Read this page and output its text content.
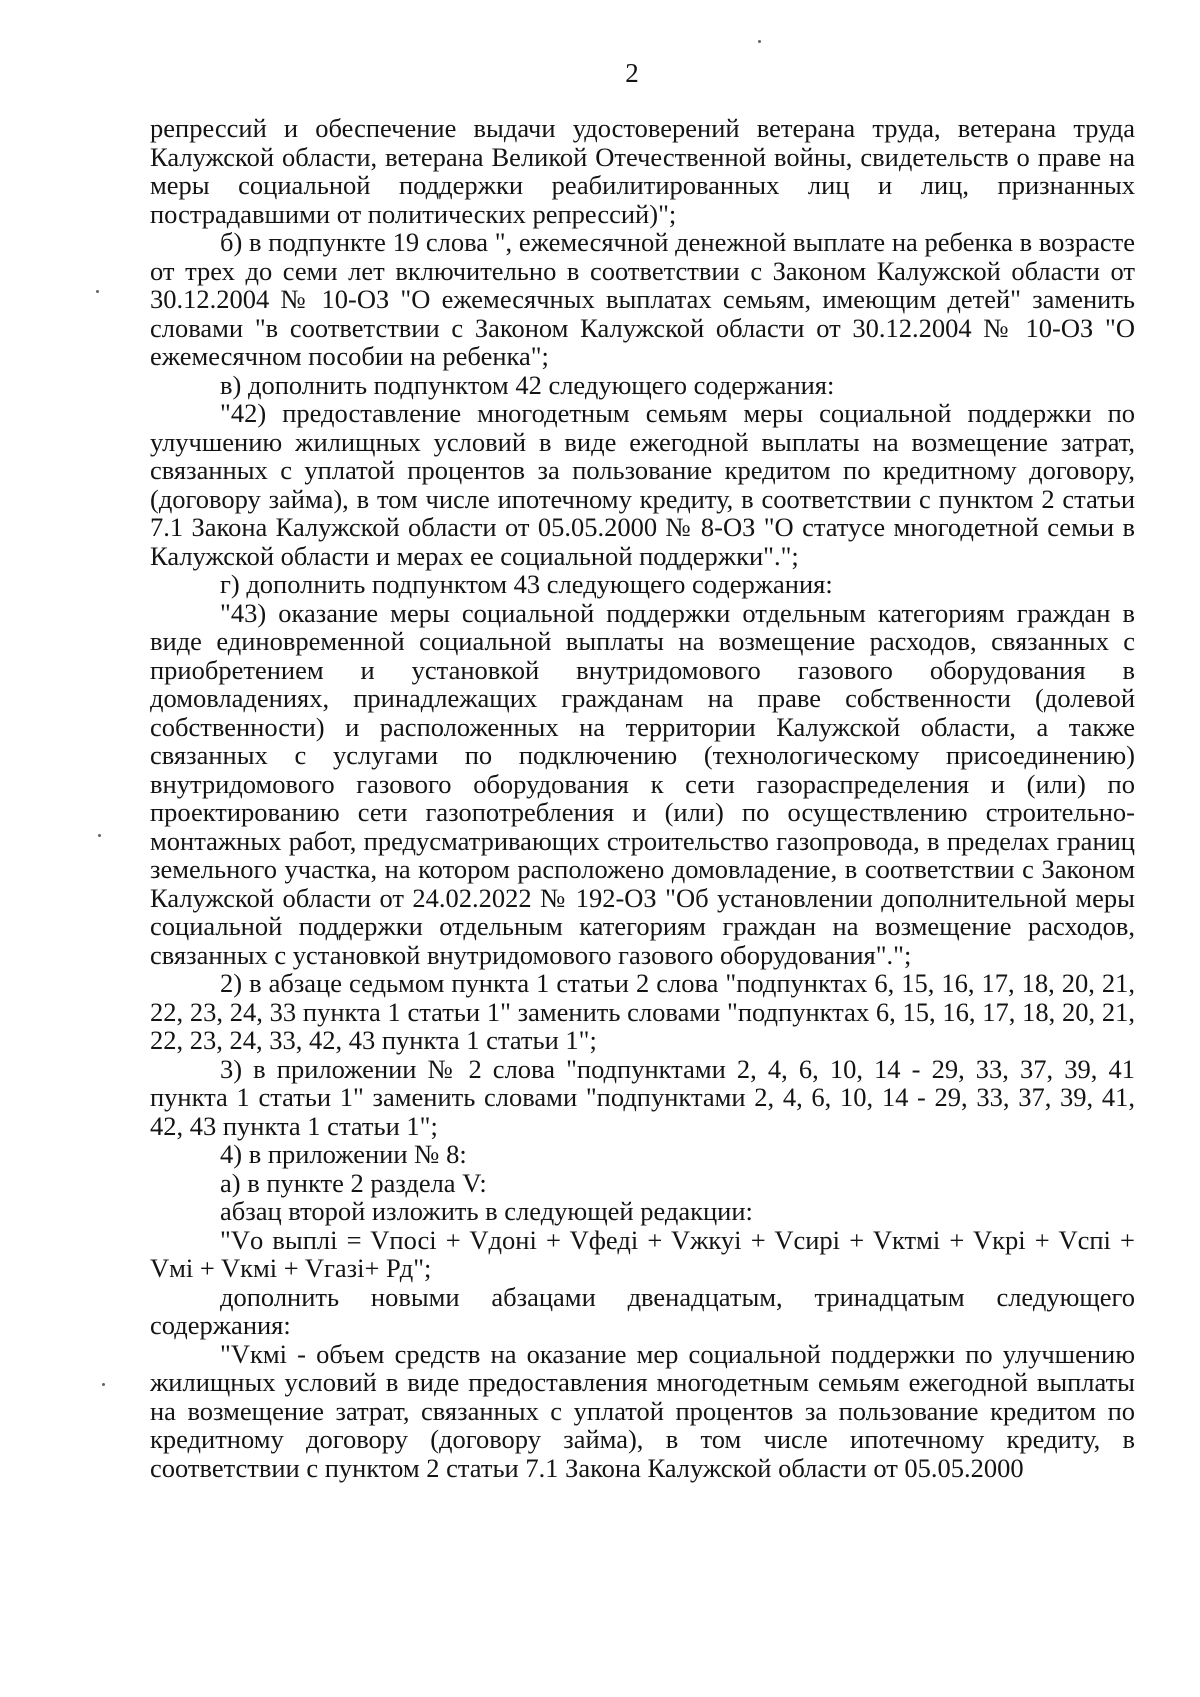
2

репрессий и обеспечение выдачи удостоверений ветерана труда, ветерана труда Калужской области, ветерана Великой Отечественной войны, свидетельств о праве на меры социальной поддержки реабилитированных лиц и лиц, признанных пострадавшими от политических репрессий)";

б) в подпункте 19 слова ", ежемесячной денежной выплате на ребенка в возрасте от трех до семи лет включительно в соответствии с Законом Калужской области от 30.12.2004 № 10-ОЗ "О ежемесячных выплатах семьям, имеющим детей" заменить словами "в соответствии с Законом Калужской области от 30.12.2004 № 10-ОЗ "О ежемесячном пособии на ребенка";

в) дополнить подпунктом 42 следующего содержания:

"42) предоставление многодетным семьям меры социальной поддержки по улучшению жилищных условий в виде ежегодной выплаты на возмещение затрат, связанных с уплатой процентов за пользование кредитом по кредитному договору, (договору займа), в том числе ипотечному кредиту, в соответствии с пунктом 2 статьи 7.1 Закона Калужской области от 05.05.2000 № 8-ОЗ "О статусе многодетной семьи в Калужской области и мерах ее социальной поддержки".";

г) дополнить подпунктом 43 следующего содержания:

"43) оказание меры социальной поддержки отдельным категориям граждан в виде единовременной социальной выплаты на возмещение расходов, связанных с приобретением и установкой внутридомового газового оборудования в домовладениях, принадлежащих гражданам на праве собственности (долевой собственности) и расположенных на территории Калужской области, а также связанных с услугами по подключению (технологическому присоединению) внутридомового газового оборудования к сети газораспределения и (или) по проектированию сети газопотребления и (или) по осуществлению строительно-монтажных работ, предусматривающих строительство газопровода, в пределах границ земельного участка, на котором расположено домовладение, в соответствии с Законом Калужской области от 24.02.2022 № 192-ОЗ "Об установлении дополнительной меры социальной поддержки отдельным категориям граждан на возмещение расходов, связанных с установкой внутридомового газового оборудования".";

2) в абзаце седьмом пункта 1 статьи 2 слова "подпунктах 6, 15, 16, 17, 18, 20, 21, 22, 23, 24, 33 пункта 1 статьи 1" заменить словами "подпунктах 6, 15, 16, 17, 18, 20, 21, 22, 23, 24, 33, 42, 43 пункта 1 статьи 1";

3) в приложении № 2 слова "подпунктами 2, 4, 6, 10, 14 - 29, 33, 37, 39, 41 пункта 1 статьи 1" заменить словами "подпунктами 2, 4, 6, 10, 14 - 29, 33, 37, 39, 41, 42, 43 пункта 1 статьи 1";

4) в приложении № 8:

а) в пункте 2 раздела V:

абзац второй изложить в следующей редакции:

"Vо выплi = Vпосi + Vдонi + Vфедi + Vжкуi + Vсирi + Vктмi + Vкрi + Vспi + Vмi + Vкмi + Vгазi+ Рд";

дополнить новыми абзацами двенадцатым, тринадцатым следующего содержания:

"Vкмi - объем средств на оказание мер социальной поддержки по улучшению жилищных условий в виде предоставления многодетным семьям ежегодной выплаты на возмещение затрат, связанных с уплатой процентов за пользование кредитом по кредитному договору (договору займа), в том числе ипотечному кредиту, в соответствии с пунктом 2 статьи 7.1 Закона Калужской области от 05.05.2000
